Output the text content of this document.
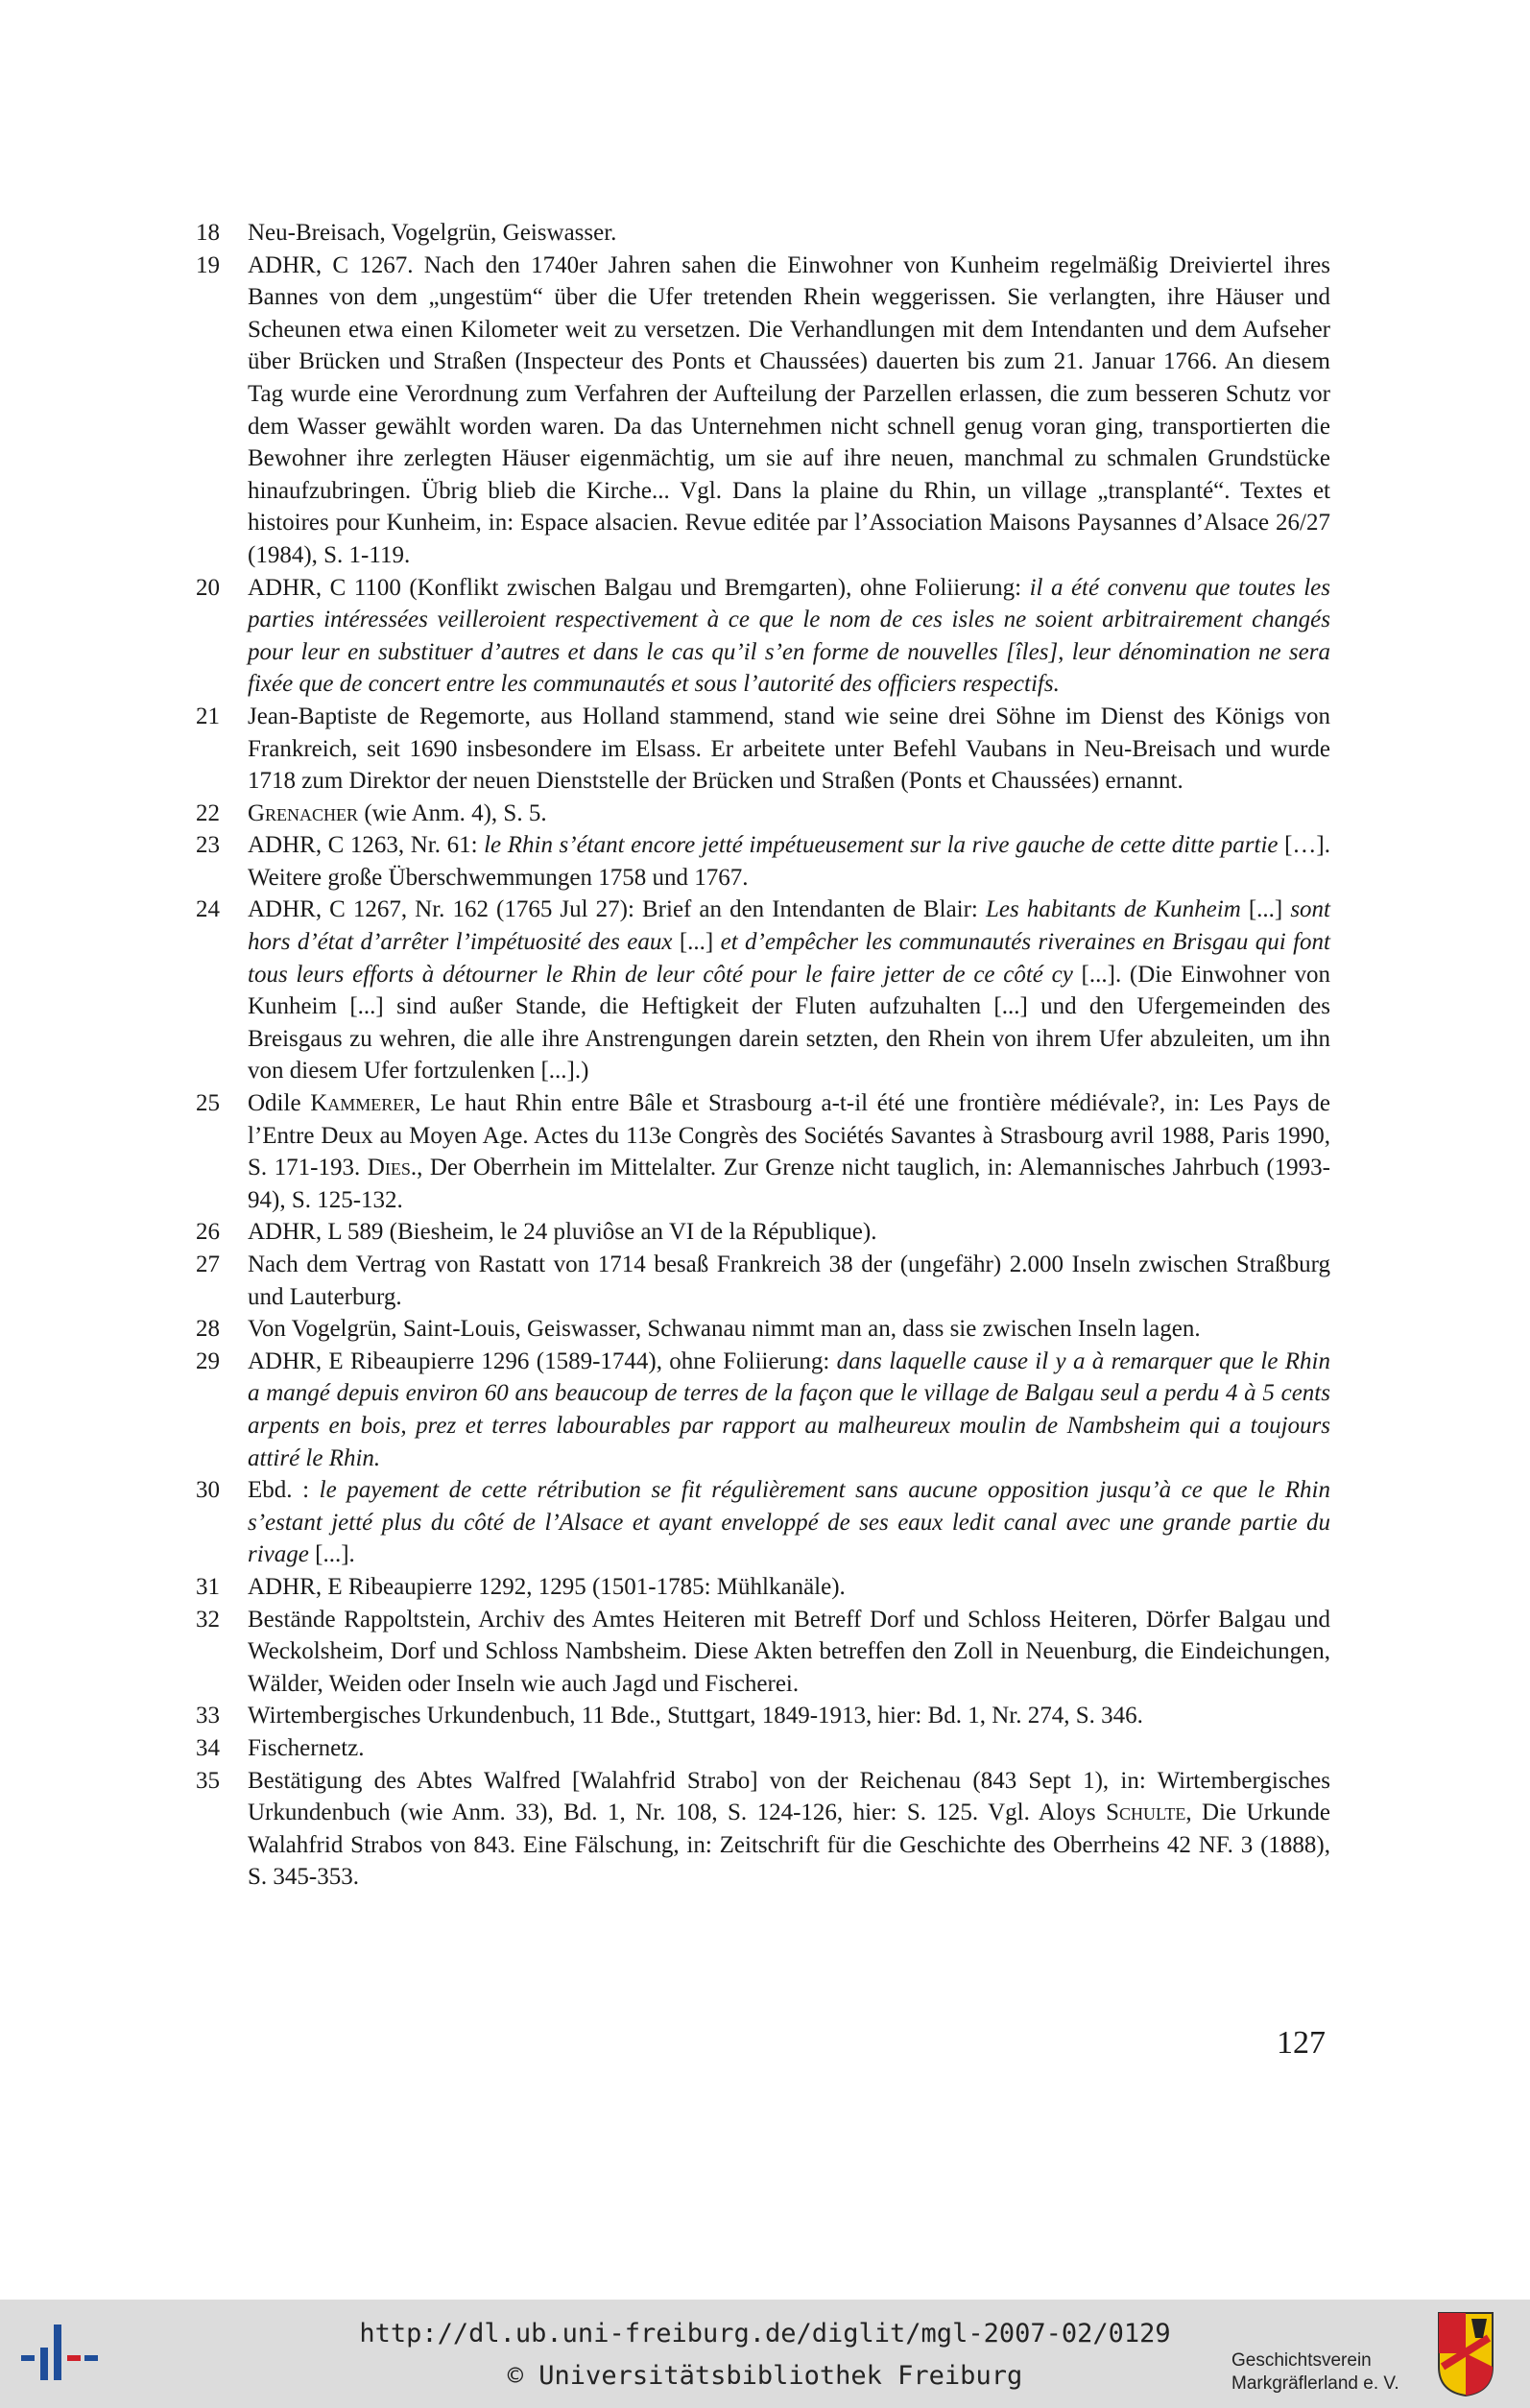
18	Neu-Breisach, Vogelgrün, Geiswasser.
19	ADHR, C 1267. Nach den 1740er Jahren sahen die Einwohner von Kunheim regelmäßig Dreiviertel ihres Bannes von dem „ungestüm“ über die Ufer tretenden Rhein weggerissen. Sie verlangten, ihre Häuser und Scheunen etwa einen Kilometer weit zu versetzen. Die Verhandlungen mit dem Intendanten und dem Aufseher über Brücken und Straßen (Inspecteur des Ponts et Chaussées) dauerten bis zum 21. Januar 1766. An diesem Tag wurde eine Verordnung zum Verfahren der Aufteilung der Parzellen erlassen, die zum besseren Schutz vor dem Wasser gewählt worden waren. Da das Unternehmen nicht schnell genug voran ging, transportierten die Bewohner ihre zerlegten Häuser eigenmächtig, um sie auf ihre neuen, manchmal zu schmalen Grundstücke hinaufzubringen. Übrig blieb die Kirche... Vgl. Dans la plaine du Rhin, un village „transplanté“. Textes et histoires pour Kunheim, in: Espace alsacien. Revue editée par l’Association Maisons Paysannes d’Alsace 26/27 (1984), S. 1-119.
20	ADHR, C 1100 (Konflikt zwischen Balgau und Bremgarten), ohne Foliierung: il a été convenu que toutes les parties intéressées veilleroient respectivement à ce que le nom de ces isles ne soient arbitrairement changés pour leur en substituer d’autres et dans le cas qu’il s’en forme de nouvelles [îles], leur dénomination ne sera fixée que de concert entre les communautés et sous l’autorité des officiers respectifs.
21	Jean-Baptiste de Regemorte, aus Holland stammend, stand wie seine drei Söhne im Dienst des Königs von Frankreich, seit 1690 insbesondere im Elsass. Er arbeitete unter Befehl Vaubans in Neu-Breisach und wurde 1718 zum Direktor der neuen Dienststelle der Brücken und Straßen (Ponts et Chaussées) ernannt.
22	Grenacher (wie Anm. 4), S. 5.
23	ADHR, C 1263, Nr. 61: le Rhin s’étant encore jetté impétueusement sur la rive gauche de cette ditte partie […]. Weitere große Überschwemmungen 1758 und 1767.
24	ADHR, C 1267, Nr. 162 (1765 Jul 27): Brief an den Intendanten de Blair: Les habitants de Kunheim [...] sont hors d’état d’arrêter l’impétuosité des eaux [...] et d’empêcher les communautés riveraines en Brisgau qui font tous leurs efforts à détourner le Rhin de leur côté pour le faire jetter de ce côté cy [...]. (Die Einwohner von Kunheim [...] sind außer Stande, die Heftigkeit der Fluten aufzuhalten [...] und den Ufergemeinden des Breisgaus zu wehren, die alle ihre Anstrengungen darein setzten, den Rhein von ihrem Ufer abzuleiten, um ihn von diesem Ufer fortzulenken [...].)
25	Odile Kammerer, Le haut Rhin entre Bâle et Strasbourg a-t-il été une frontière médiévale?, in: Les Pays de l’Entre Deux au Moyen Age. Actes du 113e Congrès des Sociétés Savantes à Strasbourg avril 1988, Paris 1990, S. 171-193. Dies., Der Oberrhein im Mittelalter. Zur Grenze nicht tauglich, in: Alemannisches Jahrbuch (1993-94), S. 125-132.
26	ADHR, L 589 (Biesheim, le 24 pluviôse an VI de la République).
27	Nach dem Vertrag von Rastatt von 1714 besaß Frankreich 38 der (ungefähr) 2.000 Inseln zwischen Straßburg und Lauterburg.
28	Von Vogelgrün, Saint-Louis, Geiswasser, Schwanau nimmt man an, dass sie zwischen Inseln lagen.
29	ADHR, E Ribeaupierre 1296 (1589-1744), ohne Foliierung: dans laquelle cause il y a à remarquer que le Rhin a mangé depuis environ 60 ans beaucoup de terres de la façon que le village de Balgau seul a perdu 4 à 5 cents arpents en bois, prez et terres labourables par rapport au malheureux moulin de Nambsheim qui a toujours attiré le Rhin.
30	Ebd. : le payement de cette rétribution se fit régulièrement sans aucune opposition jusqu’à ce que le Rhin s’estant jetté plus du côté de l’Alsace et ayant enveloppé de ses eaux ledit canal avec une grande partie du rivage [...].
31	ADHR, E Ribeaupierre 1292, 1295 (1501-1785: Mühlkanäle).
32	Bestände Rappoltstein, Archiv des Amtes Heiteren mit Betreff Dorf und Schloss Heiteren, Dörfer Balgau und Weckolsheim, Dorf und Schloss Nambsheim. Diese Akten betreffen den Zoll in Neuenburg, die Eindeichungen, Wälder, Weiden oder Inseln wie auch Jagd und Fischerei.
33	Wirtembergisches Urkundenbuch, 11 Bde., Stuttgart, 1849-1913, hier: Bd. 1, Nr. 274, S. 346.
34	Fischernetz.
35	Bestätigung des Abtes Walfred [Walahfrid Strabo] von der Reichenau (843 Sept 1), in: Wirtembergisches Urkundenbuch (wie Anm. 33), Bd. 1, Nr. 108, S. 124-126, hier: S. 125. Vgl. Aloys Schulte, Die Urkunde Walahfrid Strabos von 843. Eine Fälschung, in: Zeitschrift für die Geschichte des Oberrheins 42 NF. 3 (1888), S. 345-353.
127
http://dl.ub.uni-freiburg.de/diglit/mgl-2007-02/0129
© Universitätsbibliothek Freiburg
Geschichtsverein
Markgräflerland e. V.
